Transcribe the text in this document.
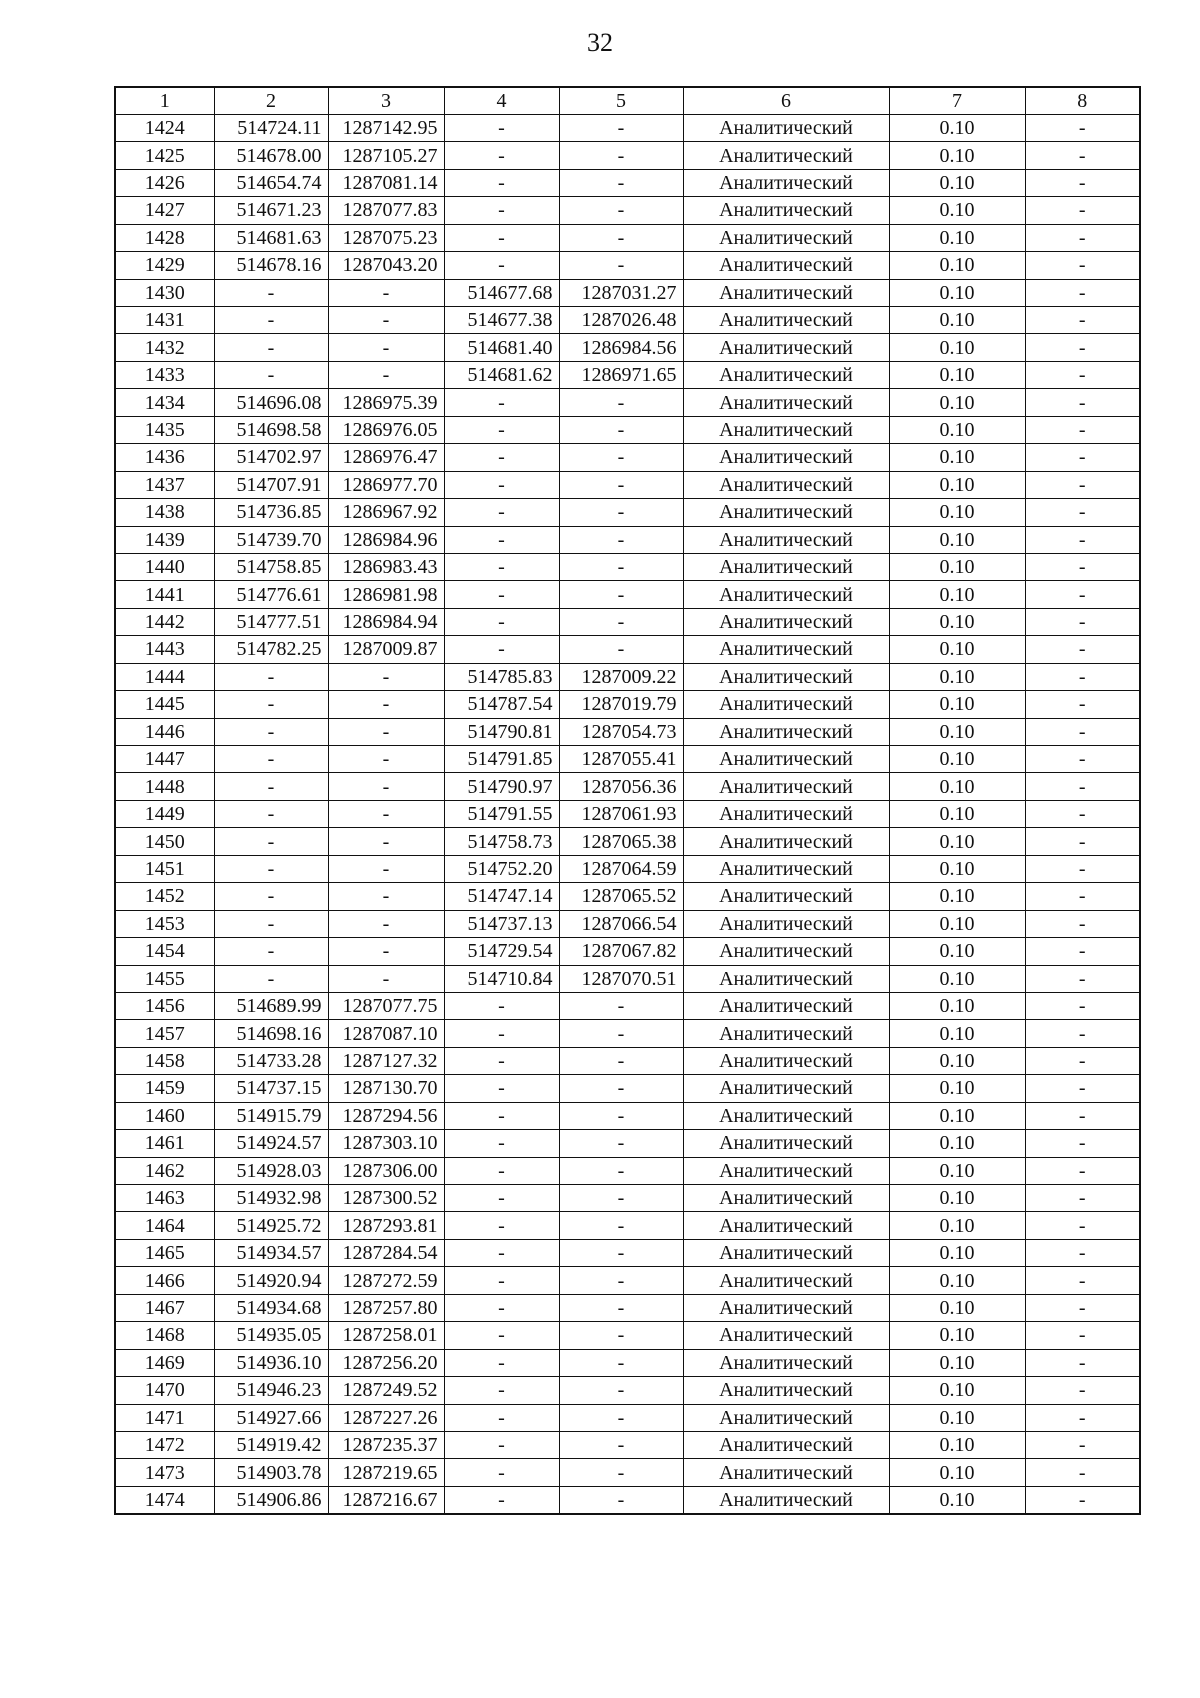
32
1	2	3	4	5	6	7	8
1424	514724.11	1287142.95	-	-	Аналитический	0.10	-
1425	514678.00	1287105.27	-	-	Аналитический	0.10	-
1426	514654.74	1287081.14	-	-	Аналитический	0.10	-
1427	514671.23	1287077.83	-	-	Аналитический	0.10	-
1428	514681.63	1287075.23	-	-	Аналитический	0.10	-
1429	514678.16	1287043.20	-	-	Аналитический	0.10	-
1430	-	-	514677.68	1287031.27	Аналитический	0.10	-
1431	-	-	514677.38	1287026.48	Аналитический	0.10	-
1432	-	-	514681.40	1286984.56	Аналитический	0.10	-
1433	-	-	514681.62	1286971.65	Аналитический	0.10	-
1434	514696.08	1286975.39	-	-	Аналитический	0.10	-
1435	514698.58	1286976.05	-	-	Аналитический	0.10	-
1436	514702.97	1286976.47	-	-	Аналитический	0.10	-
1437	514707.91	1286977.70	-	-	Аналитический	0.10	-
1438	514736.85	1286967.92	-	-	Аналитический	0.10	-
1439	514739.70	1286984.96	-	-	Аналитический	0.10	-
1440	514758.85	1286983.43	-	-	Аналитический	0.10	-
1441	514776.61	1286981.98	-	-	Аналитический	0.10	-
1442	514777.51	1286984.94	-	-	Аналитический	0.10	-
1443	514782.25	1287009.87	-	-	Аналитический	0.10	-
1444	-	-	514785.83	1287009.22	Аналитический	0.10	-
1445	-	-	514787.54	1287019.79	Аналитический	0.10	-
1446	-	-	514790.81	1287054.73	Аналитический	0.10	-
1447	-	-	514791.85	1287055.41	Аналитический	0.10	-
1448	-	-	514790.97	1287056.36	Аналитический	0.10	-
1449	-	-	514791.55	1287061.93	Аналитический	0.10	-
1450	-	-	514758.73	1287065.38	Аналитический	0.10	-
1451	-	-	514752.20	1287064.59	Аналитический	0.10	-
1452	-	-	514747.14	1287065.52	Аналитический	0.10	-
1453	-	-	514737.13	1287066.54	Аналитический	0.10	-
1454	-	-	514729.54	1287067.82	Аналитический	0.10	-
1455	-	-	514710.84	1287070.51	Аналитический	0.10	-
1456	514689.99	1287077.75	-	-	Аналитический	0.10	-
1457	514698.16	1287087.10	-	-	Аналитический	0.10	-
1458	514733.28	1287127.32	-	-	Аналитический	0.10	-
1459	514737.15	1287130.70	-	-	Аналитический	0.10	-
1460	514915.79	1287294.56	-	-	Аналитический	0.10	-
1461	514924.57	1287303.10	-	-	Аналитический	0.10	-
1462	514928.03	1287306.00	-	-	Аналитический	0.10	-
1463	514932.98	1287300.52	-	-	Аналитический	0.10	-
1464	514925.72	1287293.81	-	-	Аналитический	0.10	-
1465	514934.57	1287284.54	-	-	Аналитический	0.10	-
1466	514920.94	1287272.59	-	-	Аналитический	0.10	-
1467	514934.68	1287257.80	-	-	Аналитический	0.10	-
1468	514935.05	1287258.01	-	-	Аналитический	0.10	-
1469	514936.10	1287256.20	-	-	Аналитический	0.10	-
1470	514946.23	1287249.52	-	-	Аналитический	0.10	-
1471	514927.66	1287227.26	-	-	Аналитический	0.10	-
1472	514919.42	1287235.37	-	-	Аналитический	0.10	-
1473	514903.78	1287219.65	-	-	Аналитический	0.10	-
1474	514906.86	1287216.67	-	-	Аналитический	0.10	-
